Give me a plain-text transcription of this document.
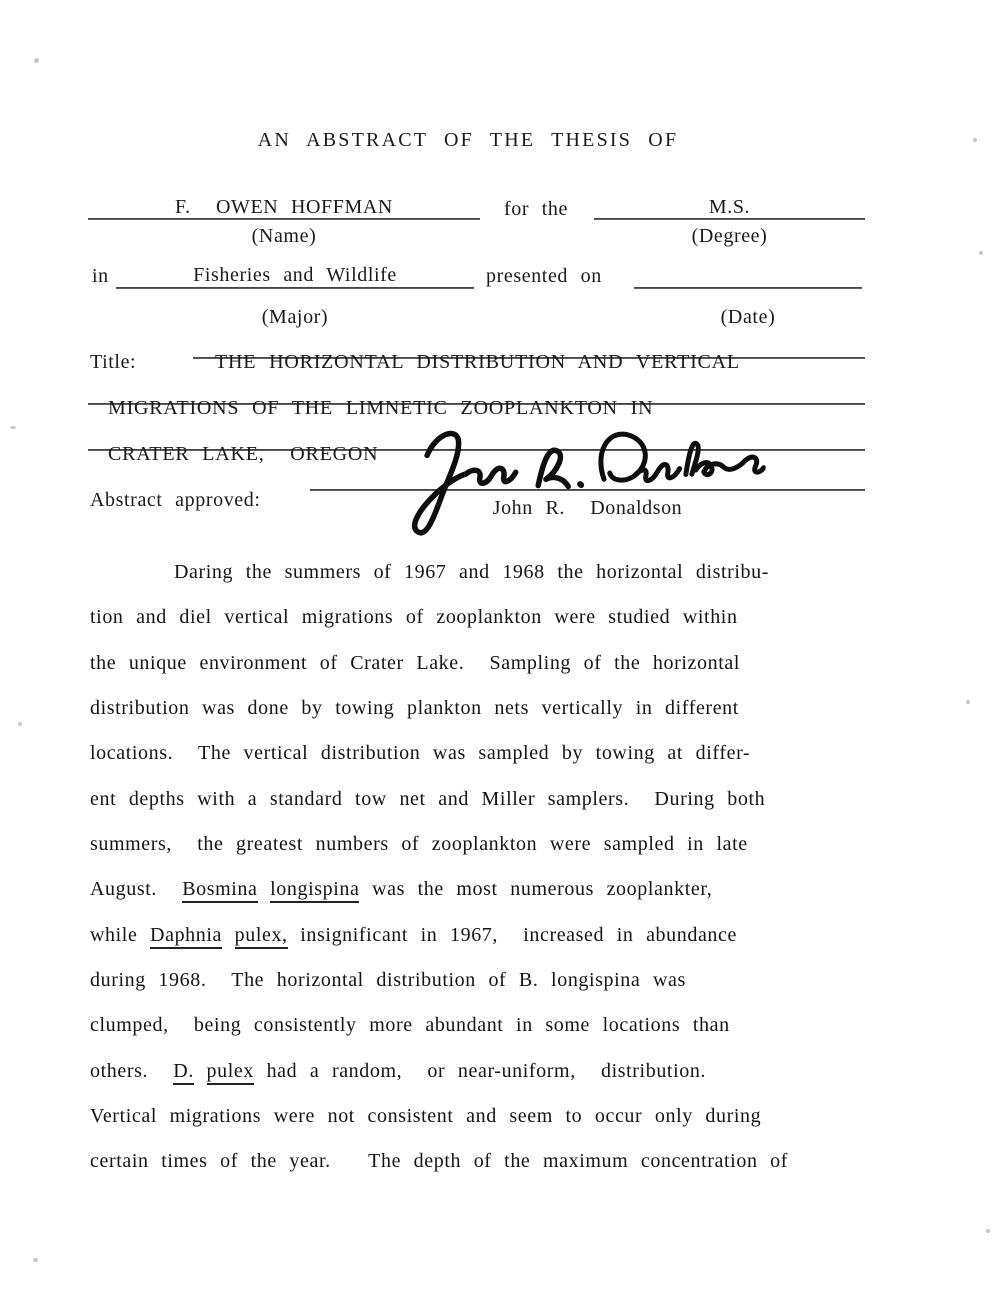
AN ABSTRACT OF THE THESIS OF
F.  OWEN HOFFMAN	for the	M.S.
(Name)	(Degree)
in	Fisheries and Wildlife	presented on
(Major)	(Date)
Title:	THE HORIZONTAL DISTRIBUTION AND VERTICAL
MIGRATIONS OF THE LIMNETIC ZOOPLANKTON IN
CRATER LAKE,  OREGON
Abstract approved:	John R.  Donaldson
Daring the summers of 1967 and 1968 the horizontal distribu-
tion and diel vertical migrations of zooplankton were studied within
the unique environment of Crater Lake.  Sampling of the horizontal
distribution was done by towing plankton nets vertically in different
locations.  The vertical distribution was sampled by towing at differ-
ent depths with a standard tow net and Miller samplers.  During both
summers,  the greatest numbers of zooplankton were sampled in late
August.  Bosmina longispina was the most numerous zooplankter,
while Daphnia pulex, insignificant in 1967,  increased in abundance
during 1968.  The horizontal distribution of B. longispina was
clumped,  being consistently more abundant in some locations than
others.  D. pulex had a random,  or near-uniform,  distribution.
Vertical migrations were not consistent and seem to occur only during
certain times of the year.   The depth of the maximum concentration of
